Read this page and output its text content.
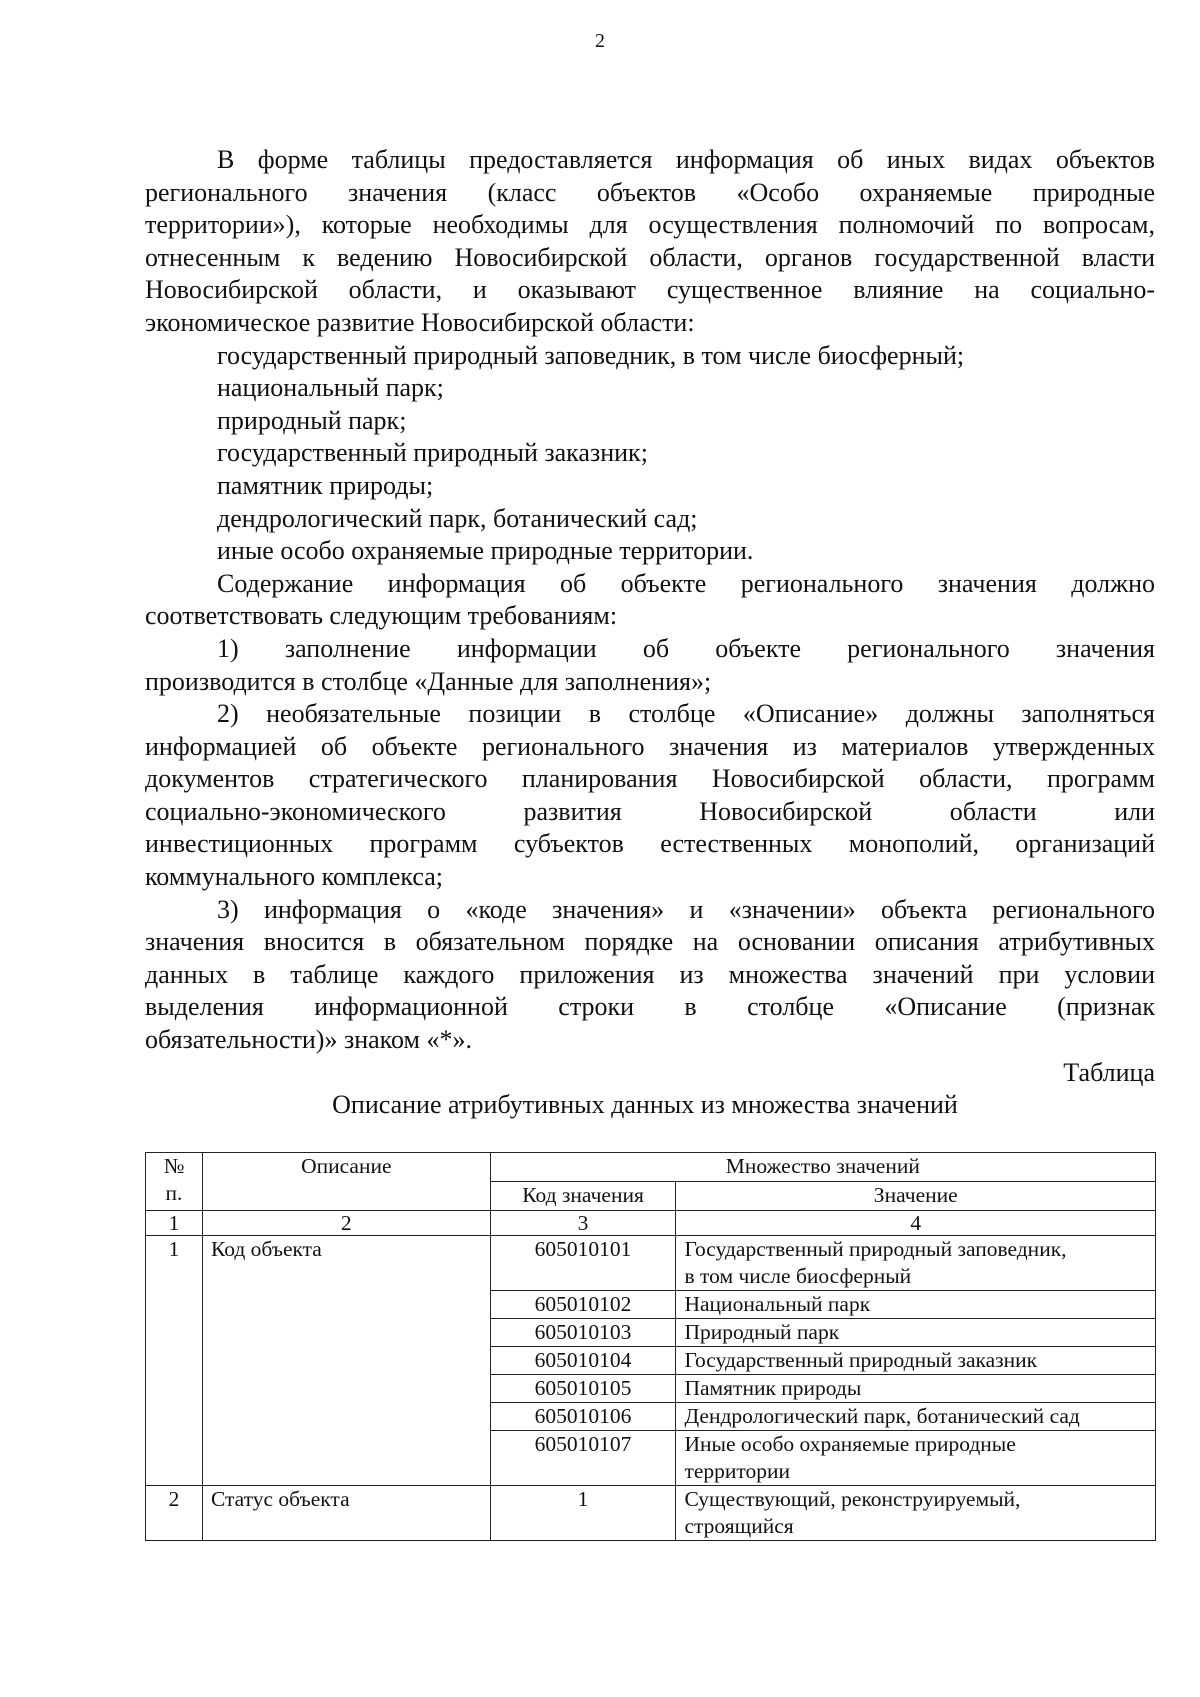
2

В форме таблицы предоставляется информация об иных видах объектов

регионального значения (класс объектов «Особо охраняемые природные

территории»), которые необходимы для осуществления полномочий по вопросам,

отнесенным к ведению Новосибирской области, органов государственной власти

Новосибирской области, и оказывают существенное влияние на социально-

экономическое развитие Новосибирской области:

государственный природный заповедник, в том числе биосферный;

национальный парк;

природный парк;

государственный природный заказник;

памятник природы;

дендрологический парк, ботанический сад;

иные особо охраняемые природные территории.

Содержание информация об объекте регионального значения должно

соответствовать следующим требованиям:

1) заполнение информации об объекте регионального значения

производится в столбце «Данные для заполнения»;

2) необязательные позиции в столбце «Описание» должны заполняться

информацией об объекте регионального значения из материалов утвержденных

документов стратегического планирования Новосибирской области, программ

социально-экономического развития Новосибирской области или

инвестиционных программ субъектов естественных монополий, организаций

коммунального комплекса;

3) информация о «коде значения» и «значении» объекта регионального

значения вносится в обязательном порядке на основании описания атрибутивных

данных в таблице каждого приложения из множества значений при условии

выделения информационной строки в столбце «Описание (признак

обязательности)» знаком «*».

Таблица
Описание атрибутивных данных из множества значений
№
п.	Описание	Множество значений	
		Код значения	Значение
1	2	3	4
1	Код объекта	605010101	Государственный природный заповедник,
в том числе биосферный

		605010102	Национальный парк
		605010103	Природный парк
		605010104	Государственный природный заказник
		605010105	Памятник природы
		605010106	Дендрологический парк, ботанический сад
		605010107	Иные особо охраняемые природные
территории

2	Статус объекта	1	Существующий, реконструируемый,
строящийся
